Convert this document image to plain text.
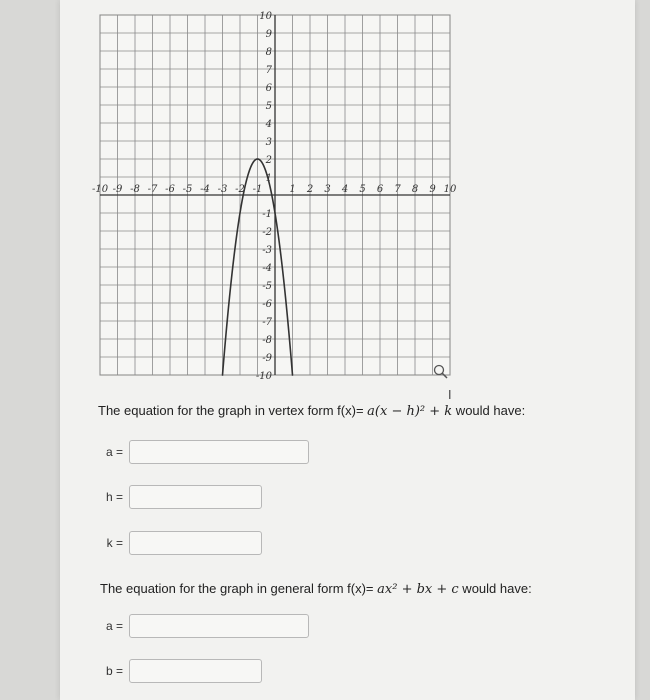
-10 -9 -8 -7 -6 -5 -4 -3 -2 -1	1 2 3 4 5 6 7 8 9 10
10
9
8
7
6
5
4
3
2
1
-1
-2
-3
-4
-5
-6
-7
-8
-9
-10
I
The equation for the graph in vertex form f(x)= a(x − h)² + k would have:
a =
h =
k =
The equation for the graph in general form f(x)= ax² + bx + c would have:
a =
b =
